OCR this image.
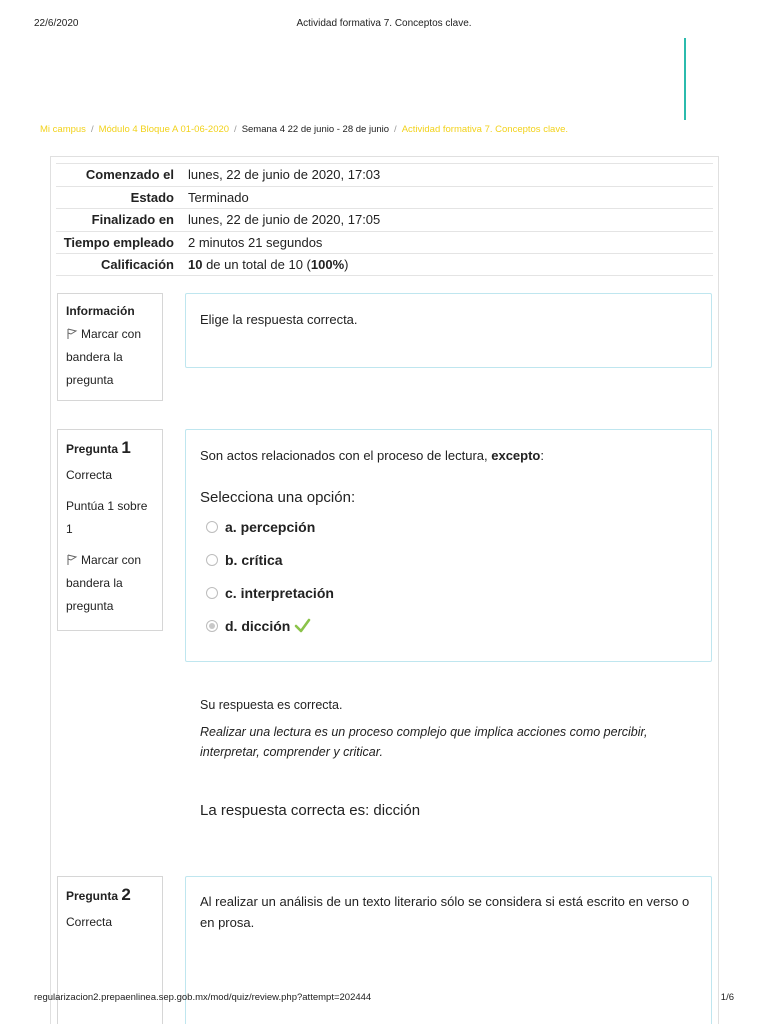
22/6/2020	Actividad formativa 7. Conceptos clave.
Mi campus / Módulo 4 Bloque A 01-06-2020 / Semana 4 22 de junio - 28 de junio / Actividad formativa 7. Conceptos clave.
Comenzado el	lunes, 22 de junio de 2020, 17:03
Estado	Terminado
Finalizado en	lunes, 22 de junio de 2020, 17:05
Tiempo empleado	2 minutos 21 segundos
Calificación	10 de un total de 10 (100%)
Información
Marcar con bandera la pregunta
Elige la respuesta correcta.
Pregunta 1
Correcta
Puntúa 1 sobre 1
Marcar con bandera la pregunta
Son actos relacionados con el proceso de lectura, excepto:
Selecciona una opción:
a. percepción
b. crítica
c. interpretación
d. dicción
Su respuesta es correcta.
Realizar una lectura es un proceso complejo que implica acciones como percibir, interpretar, comprender y criticar.
La respuesta correcta es: dicción
Pregunta 2
Correcta
Al realizar un análisis de un texto literario sólo se considera si está escrito en verso o en prosa.
regularizacion2.prepaenlinea.sep.gob.mx/mod/quiz/review.php?attempt=202444	1/6
